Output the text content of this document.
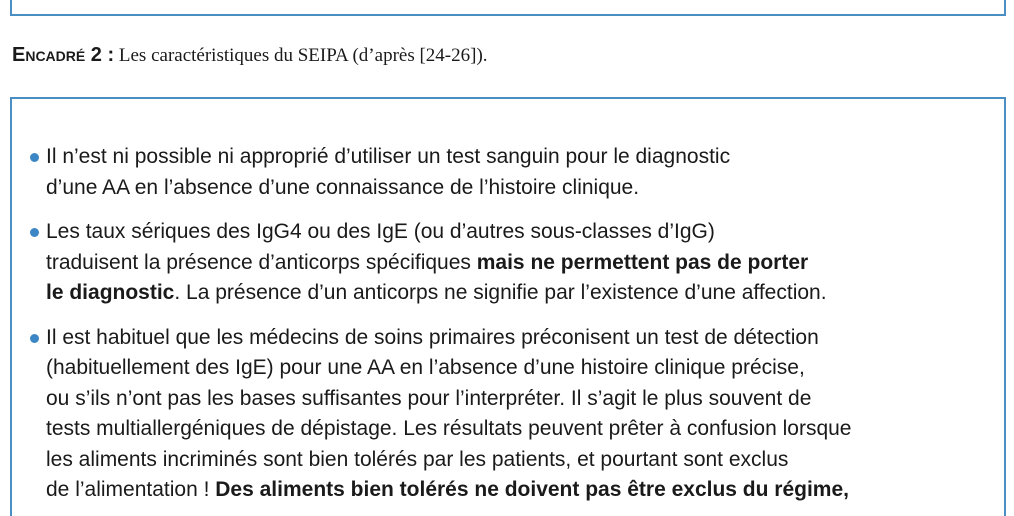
Encadré 2 : Les caractéristiques du SEIPA (d’après [24-26]).
Il n’est ni possible ni approprié d’utiliser un test sanguin pour le diagnostic
d’une AA en l’absence d’une connaissance de l’histoire clinique.
Les taux sériques des IgG4 ou des IgE (ou d’autres sous-classes d’IgG)
traduisent la présence d’anticorps spécifiques mais ne permettent pas de porter
le diagnostic. La présence d’un anticorps ne signifie par l’existence d’une affection.
Il est habituel que les médecins de soins primaires préconisent un test de détection
(habituellement des IgE) pour une AA en l’absence d’une histoire clinique précise,
ou s’ils n’ont pas les bases suffisantes pour l’interpréter. Il s’agit le plus souvent de
tests multiallergéniques de dépistage. Les résultats peuvent prêter à confusion lorsque
les aliments incriminés sont bien tolérés par les patients, et pourtant sont exclus
de l’alimentation ! Des aliments bien tolérés ne doivent pas être exclus du régime,
